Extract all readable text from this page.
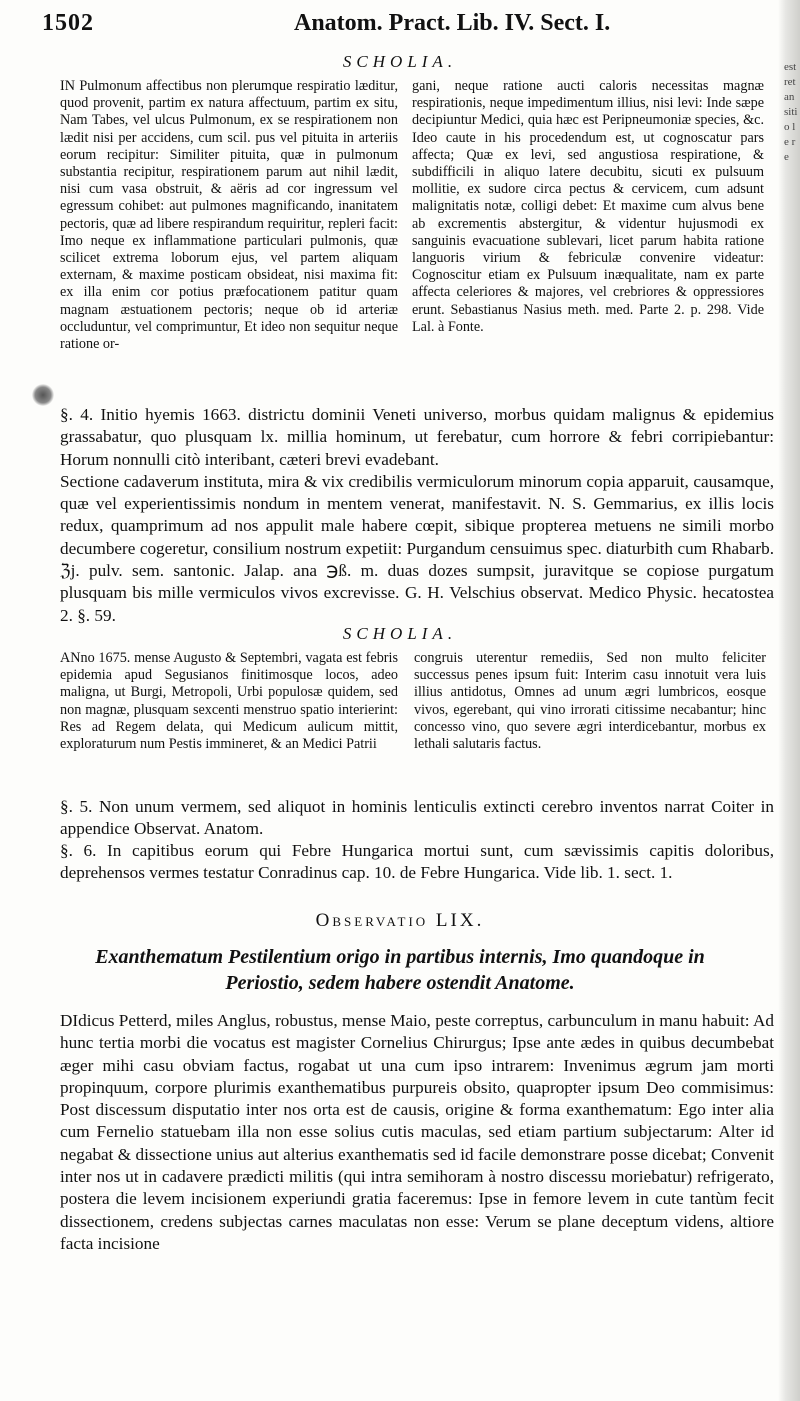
est ret an sitio le re
1502	Anatom. Pract. Lib. IV. Sect. I.
SCHOLIA.
IN Pulmonum affectibus non plerumque respiratio læditur, quod provenit, partim ex natura affectuum, partim ex situ, Nam Tabes, vel ulcus Pulmonum, ex se respirationem non lædit nisi per accidens, cum scil. pus vel pituita in arteriis eorum recipitur: Similiter pituita, quæ in pulmonum substantia recipitur, respirationem parum aut nihil lædit, nisi cum vasa obstruit, & aëris ad cor ingressum vel egressum cohibet: aut pulmones magnificando, inanitatem pectoris, quæ ad libere respirandum requiritur, repleri facit: Imo neque ex inflammatione particulari pulmonis, quæ scilicet extrema loborum ejus, vel partem aliquam externam, & maxime posticam obsideat, nisi maxima fit: ex illa enim cor potius præfocationem patitur quam magnam æstuationem pectoris; neque ob id arteriæ occluduntur, vel comprimuntur, Et ideo non sequitur neque ratione or-
gani, neque ratione aucti caloris necessitas magnæ respirationis, neque impedimentum illius, nisi levi: Inde sæpe decipiuntur Medici, quia hæc est Peripneumoniæ species, &c. Ideo caute in his procedendum est, ut cognoscatur pars affecta; Quæ ex levi, sed angustiosa respiratione, & subdifficili in aliquo latere decubitu, sicuti ex pulsuum mollitie, ex sudore circa pectus & cervicem, cum adsunt malignitatis notæ, colligi debet: Et maxime cum alvus bene ab excrementis abstergitur, & videntur hujusmodi ex sanguinis evacuatione sublevari, licet parum habita ratione languoris virium & febriculæ convenire videatur: Cognoscitur etiam ex Pulsuum inæqualitate, nam ex parte affecta celeriores & majores, vel crebriores & oppressiores erunt. Sebastianus Nasius meth. med. Parte 2. p. 298. Vide Lal. à Fonte.

§. 4. Initio hyemis 1663. districtu dominii Veneti universo, morbus quidam malignus & epidemius grassabatur, quo plusquam lx. millia hominum, ut ferebatur, cum horrore & febri corripiebantur: Horum nonnulli citò interibant, cæteri brevi evadebant.

Sectione cadaverum instituta, mira & vix credibilis vermiculorum minorum copia apparuit, causamque, quæ vel experientissimis nondum in mentem venerat, manifestavit. N. S. Gemmarius, ex illis locis redux, quamprimum ad nos appulit male habere cœpit, sibique propterea metuens ne simili morbo decumbere cogeretur, consilium nostrum expetiit: Purgandum censuimus spec. diaturbith cum Rhabarb. ℨj. pulv. sem. santonic. Jalap. ana ℈ß. m. duas dozes sumpsit, juravitque se copiose purgatum plusquam bis mille vermiculos vivos excrevisse. G. H. Velschius observat. Medico Physic. hecatostea 2. §. 59.

SCHOLIA.
ANno 1675. mense Augusto & Septembri, vagata est febris epidemia apud Segusianos finitimosque locos, adeo maligna, ut Burgi, Metropoli, Urbi populosæ quidem, sed non magnæ, plusquam sexcenti menstruo spatio interierint: Res ad Regem delata, qui Medicum aulicum mittit, exploraturum num Pestis immineret, & an Medici Patrii
congruis uterentur remediis, Sed non multo feliciter successus penes ipsum fuit: Interim casu innotuit vera luis illius antidotus, Omnes ad unum ægri lumbricos, eosque vivos, egerebant, qui vino irrorati citissime necabantur; hinc concesso vino, quo severe ægri interdicebantur, morbus ex lethali salutaris factus.

§. 5. Non unum vermem, sed aliquot in hominis lenticulis extincti cerebro inventos narrat Coiter in appendice Observat. Anatom.

§. 6. In capitibus eorum qui Febre Hungarica mortui sunt, cum sævissimis capitis doloribus, deprehensos vermes testatur Conradinus cap. 10. de Febre Hungarica. Vide lib. 1. sect. 1.

Observatio LIX.
Exanthematum Pestilentium origo in partibus internis, Imo quandoque in Periostio, sedem habere ostendit Anatome.

DIdicus Petterd, miles Anglus, robustus, mense Maio, peste correptus, carbunculum in manu habuit: Ad hunc tertia morbi die vocatus est magister Cornelius Chirurgus; Ipse ante ædes in quibus decumbebat æger mihi casu obviam factus, rogabat ut una cum ipso intrarem: Invenimus ægrum jam morti propinquum, corpore plurimis exanthematibus purpureis obsito, quapropter ipsum Deo commisimus: Post discessum disputatio inter nos orta est de causis, origine & forma exanthematum: Ego inter alia cum Fernelio statuebam illa non esse solius cutis maculas, sed etiam partium subjectarum: Alter id negabat & dissectione unius aut alterius exanthematis sed id facile demonstrare posse dicebat; Convenit inter nos ut in cadavere prædicti militis (qui intra semihoram à nostro discessu moriebatur) refrigerato, postera die levem incisionem experiundi gratia faceremus: Ipse in femore levem in cute tantùm fecit dissectionem, credens subjectas carnes maculatas non esse: Verum se plane deceptum videns, altiore facta incisione
